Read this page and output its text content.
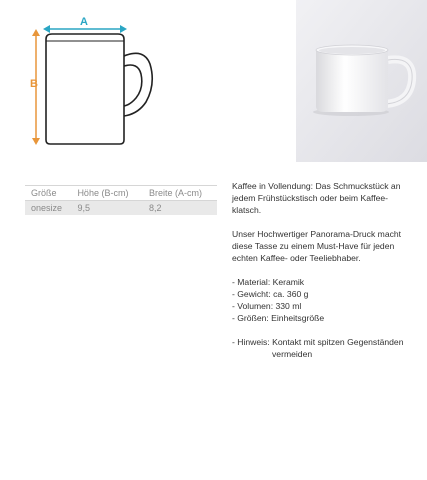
A
B
Größe	Höhe (B-cm)	Breite (A-cm)
onesize	9,5	8,2

Kaffee in Vollendung: Das Schmuckstück an

jedem Frühstückstisch oder beim Kaffee-

klatsch.

Unser Hochwertiger Panorama-Druck macht

diese Tasse zu einem Must-Have für jeden

echten Kaffee- oder Teeliebhaber.

- Material: Keramik

- Gewicht: ca. 360 g

- Volumen: 330 ml

- Größen: Einheitsgröße

- Hinweis: Kontakt mit spitzen Gegenständen

vermeiden
